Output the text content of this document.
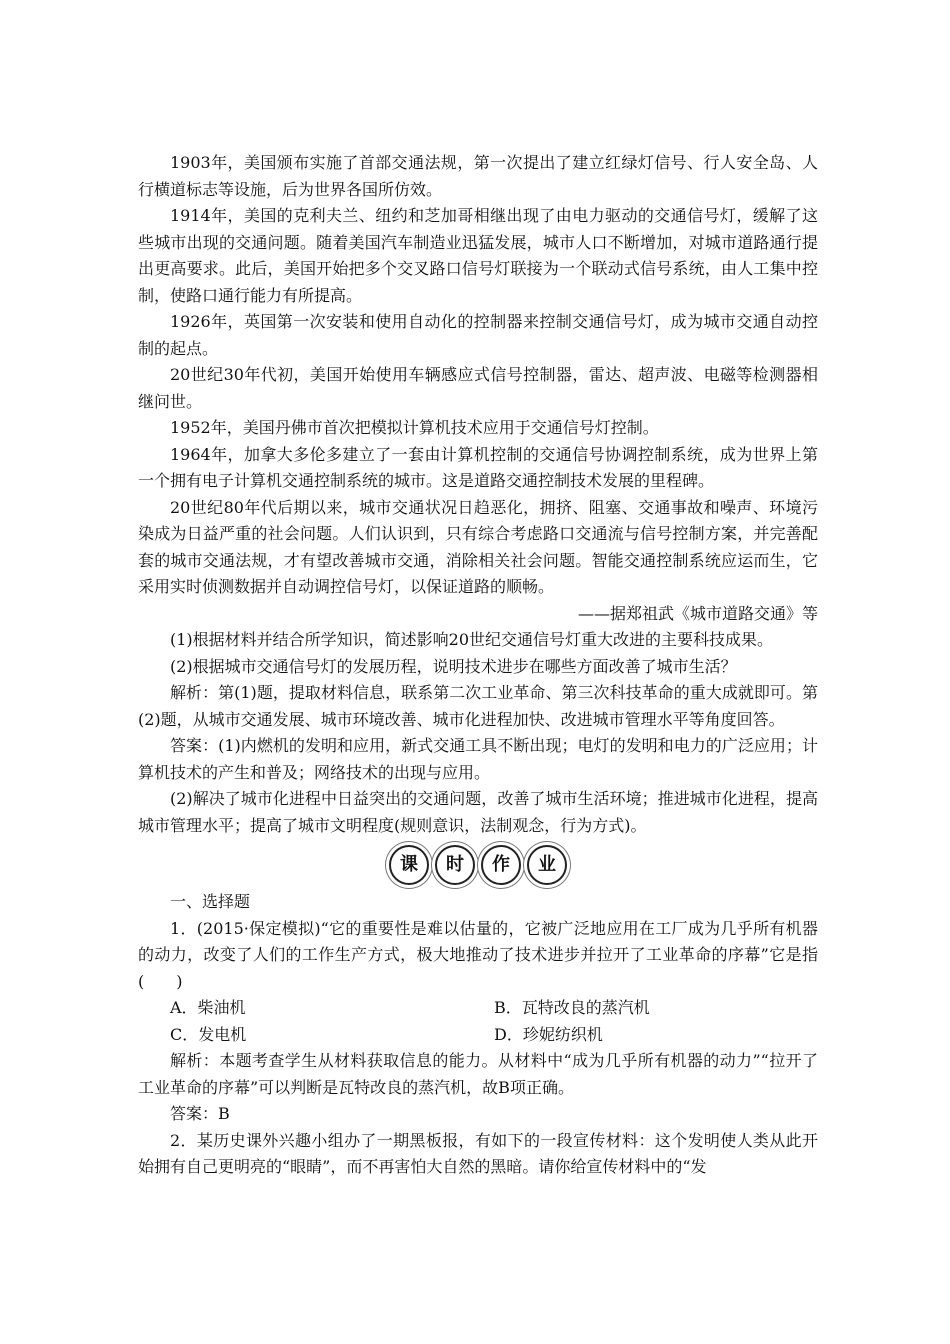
1903年，美国颁布实施了首部交通法规，第一次提出了建立红绿灯信号、行人安全岛、人行横道标志等设施，后为世界各国所仿效。

1914年，美国的克利夫兰、纽约和芝加哥相继出现了由电力驱动的交通信号灯，缓解了这些城市出现的交通问题。随着美国汽车制造业迅猛发展，城市人口不断增加，对城市道路通行提出更高要求。此后，美国开始把多个交叉路口信号灯联接为一个联动式信号系统，由人工集中控制，使路口通行能力有所提高。

1926年，英国第一次安装和使用自动化的控制器来控制交通信号灯，成为城市交通自动控制的起点。

20世纪30年代初，美国开始使用车辆感应式信号控制器，雷达、超声波、电磁等检测器相继问世。

1952年，美国丹佛市首次把模拟计算机技术应用于交通信号灯控制。

1964年，加拿大多伦多建立了一套由计算机控制的交通信号协调控制系统，成为世界上第一个拥有电子计算机交通控制系统的城市。这是道路交通控制技术发展的里程碑。

20世纪80年代后期以来，城市交通状况日趋恶化，拥挤、阻塞、交通事故和噪声、环境污染成为日益严重的社会问题。人们认识到，只有综合考虑路口交通流与信号控制方案，并完善配套的城市交通法规，才有望改善城市交通，消除相关社会问题。智能交通控制系统应运而生，它采用实时侦测数据并自动调控信号灯，以保证道路的顺畅。

——据郑祖武《城市道路交通》等

(1)根据材料并结合所学知识，简述影响20世纪交通信号灯重大改进的主要科技成果。

(2)根据城市交通信号灯的发展历程，说明技术进步在哪些方面改善了城市生活？

解析：第(1)题，提取材料信息，联系第二次工业革命、第三次科技革命的重大成就即可。第(2)题，从城市交通发展、城市环境改善、城市化进程加快、改进城市管理水平等角度回答。

答案：(1)内燃机的发明和应用，新式交通工具不断出现；电灯的发明和电力的广泛应用；计算机技术的产生和普及；网络技术的出现与应用。

(2)解决了城市化进程中日益突出的交通问题，改善了城市生活环境；推进城市化进程，提高城市管理水平；提高了城市文明程度(规则意识，法制观念，行为方式)。

课	时	作	业

一、选择题

1．(2015·保定模拟)“它的重要性是难以估量的，它被广泛地应用在工厂成为几乎所有机器的动力，改变了人们的工作生产方式，极大地推动了技术进步并拉开了工业革命的序幕”它是指(　　)

A．柴油机	B．瓦特改良的蒸汽机
C．发电机	D．珍妮纺织机

解析：本题考查学生从材料获取信息的能力。从材料中“成为几乎所有机器的动力”“拉开了工业革命的序幕”可以判断是瓦特改良的蒸汽机，故B项正确。

答案：B

2．某历史课外兴趣小组办了一期黑板报，有如下的一段宣传材料：这个发明使人类从此开始拥有自己更明亮的“眼睛”，而不再害怕大自然的黑暗。请你给宣传材料中的“发
